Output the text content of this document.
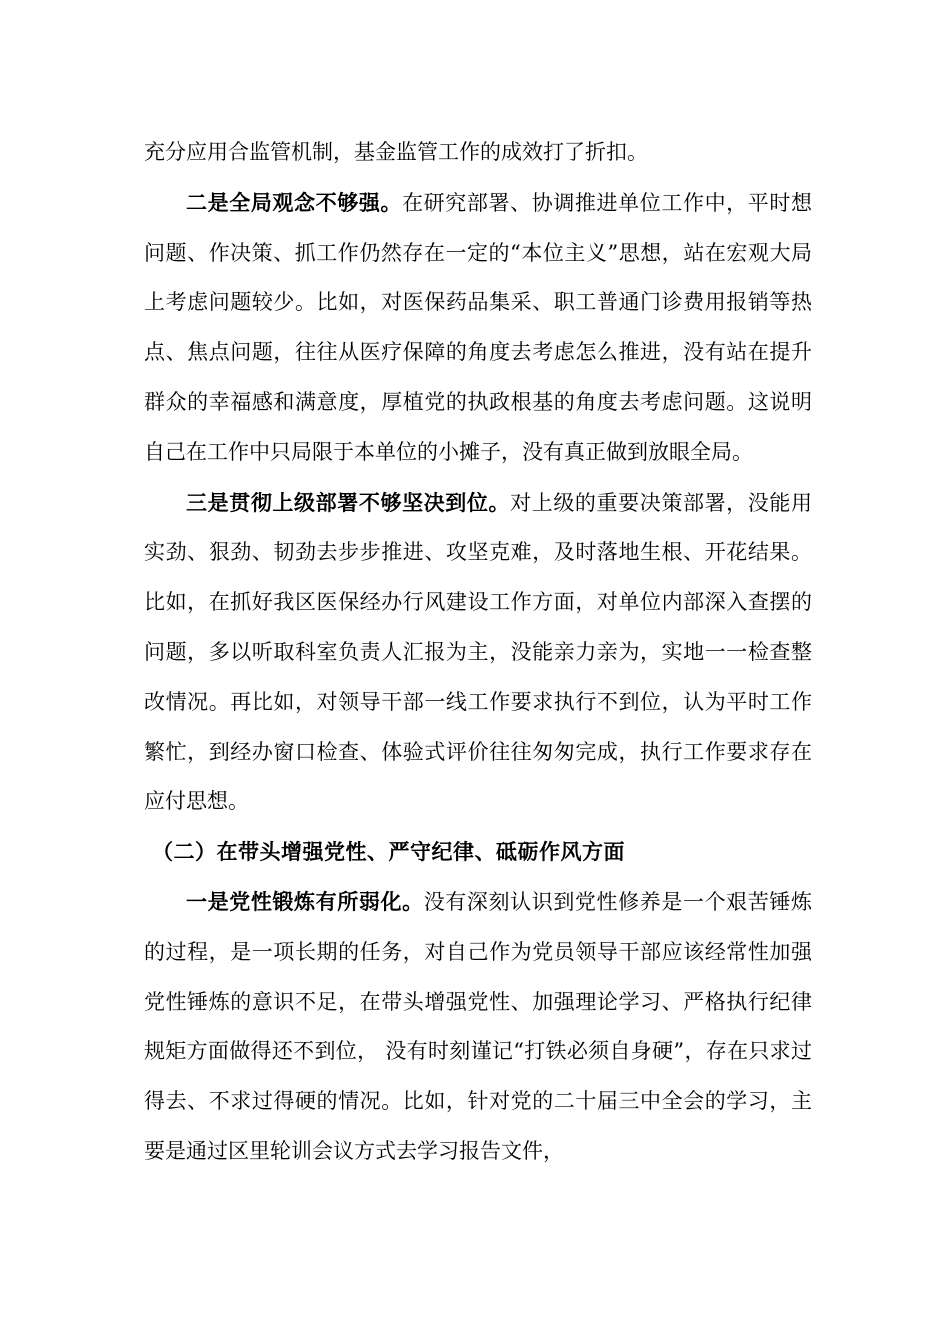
充分应用合监管机制，基金监管工作的成效打了折扣。

二是全局观念不够强。在研究部署、协调推进单位工作中，平时想问题、作决策、抓工作仍然存在一定的“本位主义”思想，站在宏观大局上考虑问题较少。比如，对医保药品集采、职工普通门诊费用报销等热点、焦点问题，往往从医疗保障的角度去考虑怎么推进，没有站在提升群众的幸福感和满意度，厚植党的执政根基的角度去考虑问题。这说明自己在工作中只局限于本单位的小摊子，没有真正做到放眼全局。

三是贯彻上级部署不够坚决到位。对上级的重要决策部署，没能用实劲、狠劲、韧劲去步步推进、攻坚克难，及时落地生根、开花结果。比如，在抓好我区医保经办行风建设工作方面，对单位内部深入查摆的问题，多以听取科室负责人汇报为主，没能亲力亲为，实地一一检查整改情况。再比如，对领导干部一线工作要求执行不到位，认为平时工作繁忙，到经办窗口检查、体验式评价往往匆匆完成，执行工作要求存在应付思想。

（二）在带头增强党性、严守纪律、砥砺作风方面

一是党性锻炼有所弱化。没有深刻认识到党性修养是一个艰苦锤炼的过程，是一项长期的任务，对自己作为党员领导干部应该经常性加强党性锤炼的意识不足，在带头增强党性、加强理论学习、严格执行纪律规矩方面做得还不到位， 没有时刻谨记“打铁必须自身硬”，存在只求过得去、不求过得硬的情况。比如，针对党的二十届三中全会的学习，主要是通过区里轮训会议方式去学习报告文件，
